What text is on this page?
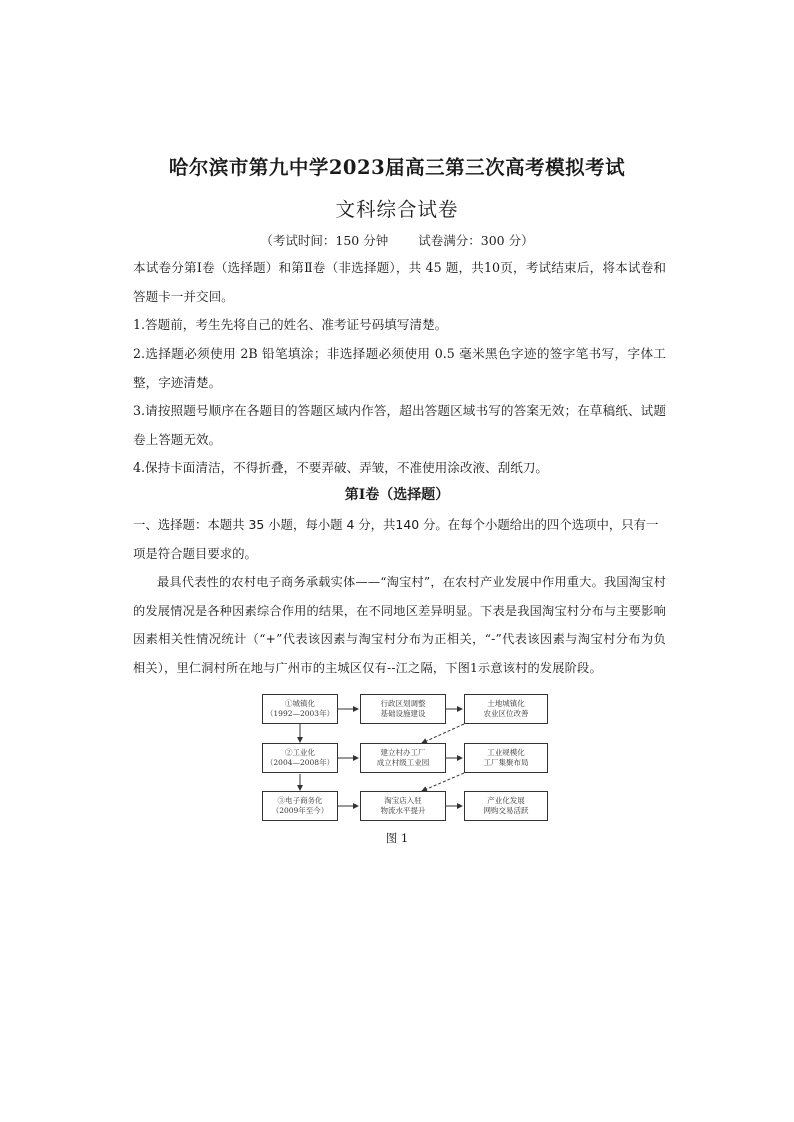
哈尔滨市第九中学2023届高三第三次高考模拟考试
文科综合试卷
（考试时间：150 分钟 试卷满分：300 分）
本试卷分第Ⅰ卷（选择题）和第Ⅱ卷（非选择题），共 45 题，共10页，考试结束后，将本试卷和答题卡一并交回。
1.答题前，考生先将自己的姓名、准考证号码填写清楚。
2.选择题必须使用 2B 铅笔填涂；非选择题必须使用 0.5 毫米黑色字迹的签字笔书写，字体工整，字迹清楚。
3.请按照题号顺序在各题目的答题区域内作答，超出答题区域书写的答案无效；在草稿纸、试题卷上答题无效。
4.保持卡面清洁，不得折叠，不要弄破、弄皱，不准使用涂改液、刮纸刀。
第Ⅰ卷（选择题）
一、选择题：本题共 35 小题，每小题 4 分，共140 分。在每个小题给出的四个选项中，只有一项是符合题目要求的。
最具代表性的农村电子商务承载实体——“淘宝村”，在农村产业发展中作用重大。我国淘宝村的发展情况是各种因素综合作用的结果，在不同地区差异明显。下表是我国淘宝村分布与主要影响因素相关性情况统计（“+”代表该因素与淘宝村分布为正相关，“-”代表该因素与淘宝村分布为负相关），里仁洞村所在地与广州市的主城区仅有--江之隔，下图1示意该村的发展阶段。
①城镇化
（1992—2003年）
②工业化
（2004—2008年）
③电子商务化
（2009年至今）
行政区划调整
基础设施建设
建立村办工厂
成立村级工业园
淘宝店入驻
物流水平提升
土地城镇化
农业区位改善
工业规模化
工厂集聚布局
产业化发展
网购交易活跃
图 1
